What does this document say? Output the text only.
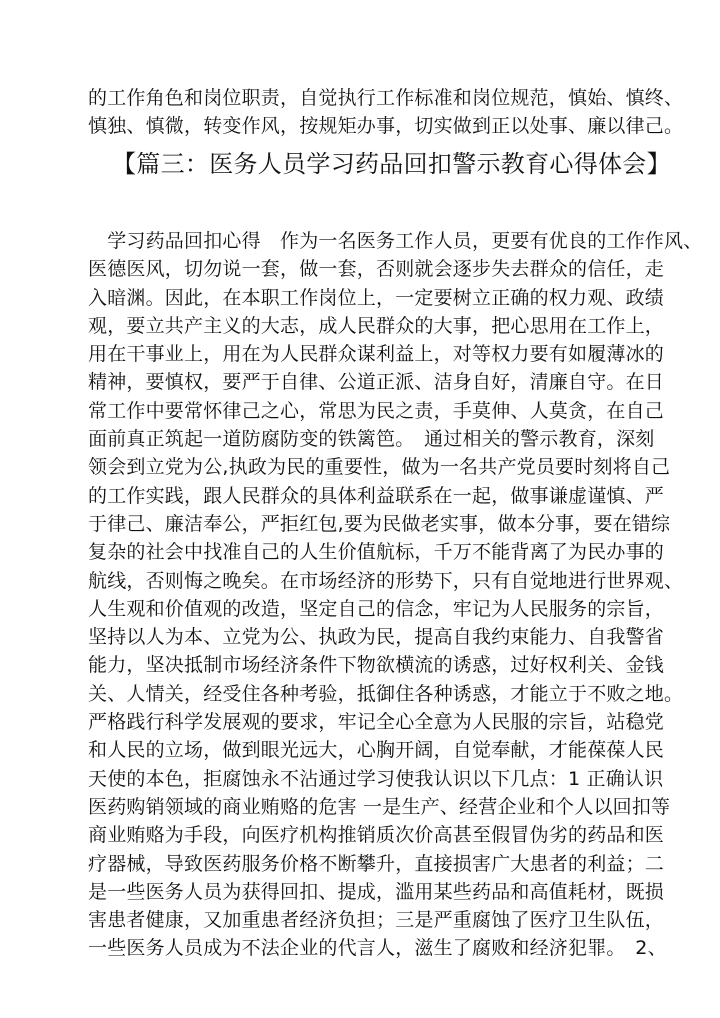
的工作角色和岗位职责，自觉执行工作标准和岗位规范，慎始、慎终、
慎独、慎微，转变作风，按规矩办事，切实做到正以处事、廉以律己。
【篇三：医务人员学习药品回扣警示教育心得体会】
　学习药品回扣心得　作为一名医务工作人员，更要有优良的工作作风、
医德医风，切勿说一套，做一套，否则就会逐步失去群众的信任，走
入暗渊。因此，在本职工作岗位上，一定要树立正确的权力观、政绩
观，要立共产主义的大志，成人民群众的大事，把心思用在工作上，
用在干事业上，用在为人民群众谋利益上，对等权力要有如履薄冰的
精神，要慎权，要严于自律、公道正派、洁身自好，清廉自守。在日
常工作中要常怀律己之心，常思为民之责，手莫伸、人莫贪，在自己
面前真正筑起一道防腐防变的铁篱笆。　通过相关的警示教育，深刻
领会到立党为公,执政为民的重要性，做为一名共产党员要时刻将自己
的工作实践，跟人民群众的具体利益联系在一起，做事谦虚谨慎、严
于律己、廉洁奉公，严拒红包,要为民做老实事，做本分事，要在错综
复杂的社会中找准自己的人生价值航标，千万不能背离了为民办事的
航线，否则悔之晚矣。在市场经济的形势下，只有自觉地进行世界观、
人生观和价值观的改造，坚定自己的信念，牢记为人民服务的宗旨，
坚持以人为本、立党为公、执政为民，提高自我约束能力、自我警省
能力，坚决抵制市场经济条件下物欲横流的诱惑，过好权利关、金钱
关、人情关，经受住各种考验，抵御住各种诱惑，才能立于不败之地。
严格践行科学发展观的要求，牢记全心全意为人民服的宗旨，站稳党
和人民的立场，做到眼光远大，心胸开阔，自觉奉献，才能葆葆人民
天使的本色，拒腐蚀永不沾通过学习使我认识以下几点：1 正确认识
医药购销领域的商业贿赂的危害 一是生产、经营企业和个人以回扣等
商业贿赂为手段，向医疗机构推销质次价高甚至假冒伪劣的药品和医
疗器械，导致医药服务价格不断攀升，直接损害广大患者的利益；二
是一些医务人员为获得回扣、提成，滥用某些药品和高值耗材，既损
害患者健康，又加重患者经济负担；三是严重腐蚀了医疗卫生队伍，
一些医务人员成为不法企业的代言人，滋生了腐败和经济犯罪。　2、
